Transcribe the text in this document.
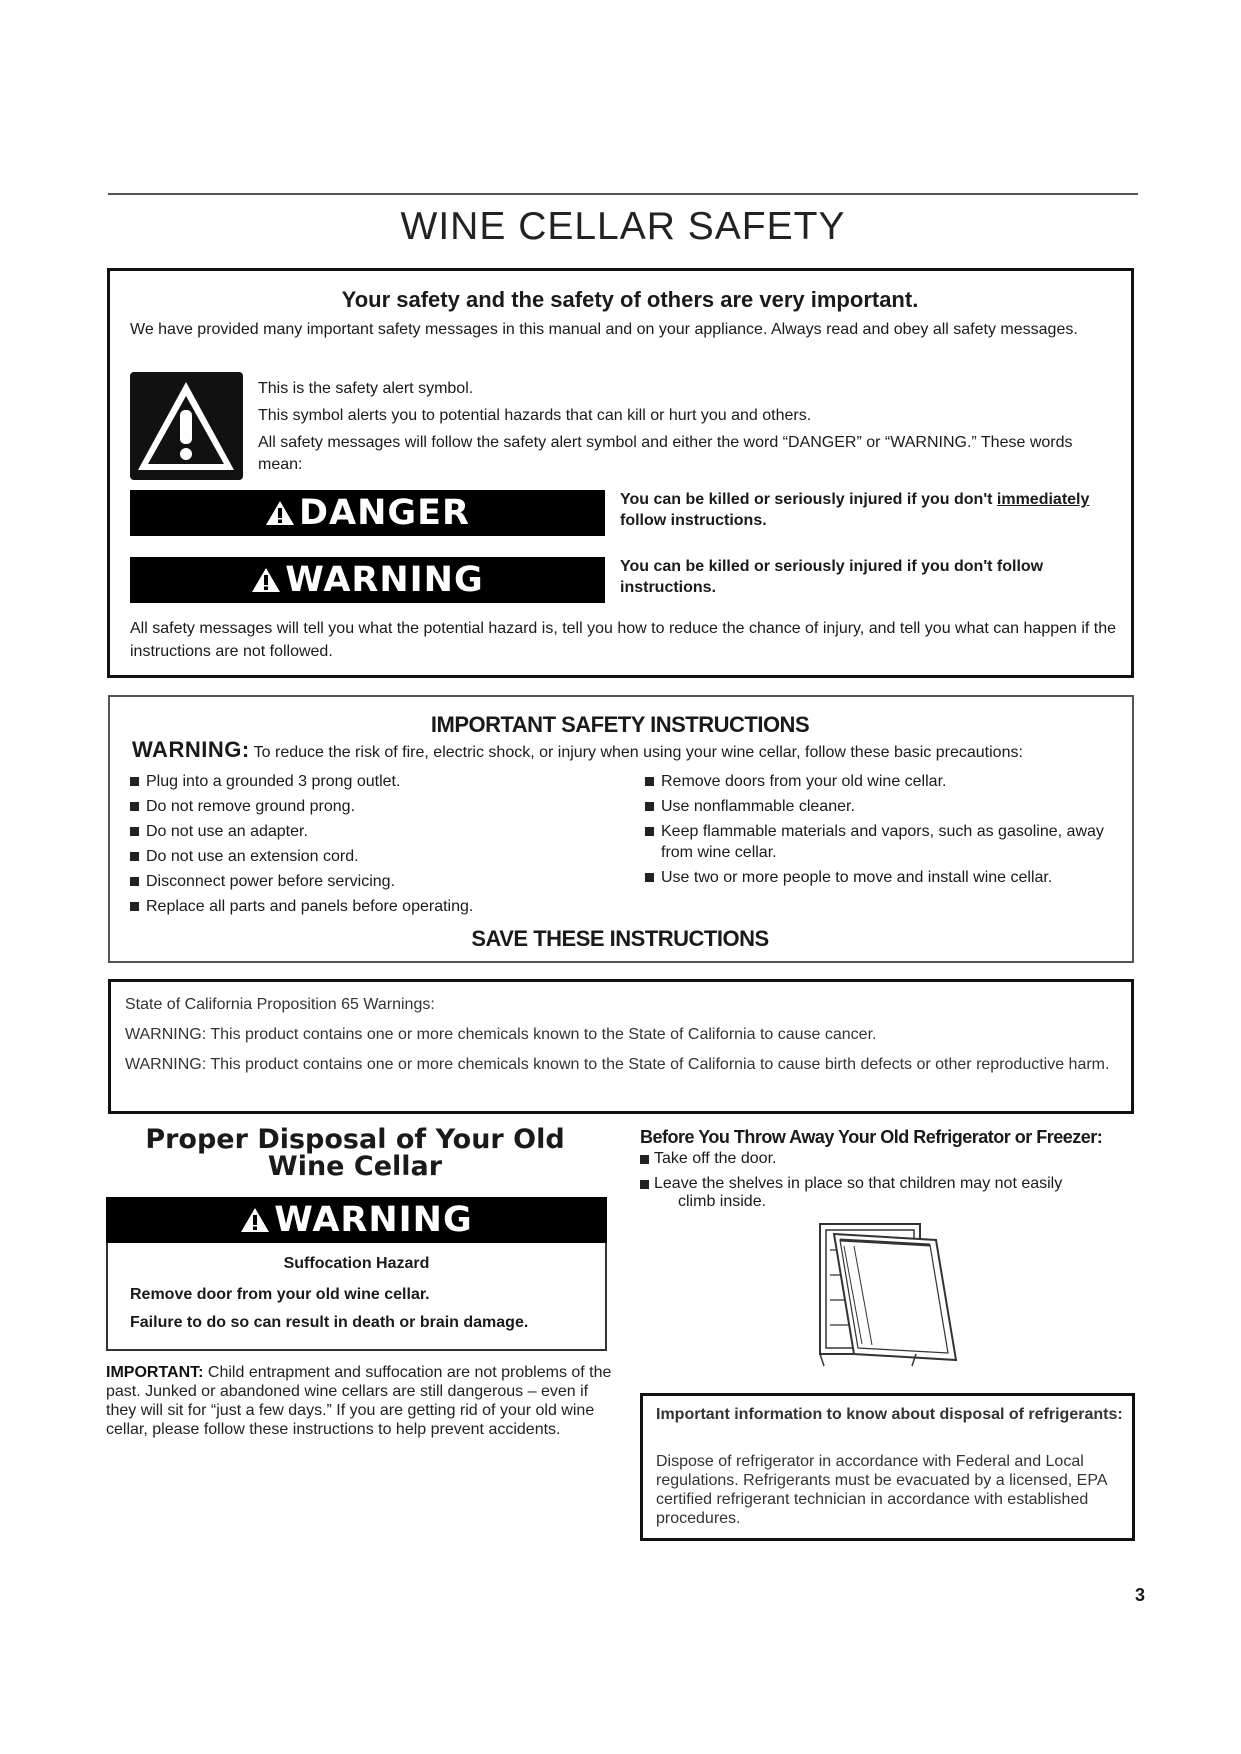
WINE CELLAR SAFETY
Your safety and the safety of others are very important.
We have provided many important safety messages in this manual and on your appliance. Always read and obey all safety messages.

This is the safety alert symbol.

This symbol alerts you to potential hazards that can kill or hurt you and others.

All safety messages will follow the safety alert symbol and either the word “DANGER” or “WARNING.” These words mean:

DANGER	You can be killed or seriously injured if you don't immediately follow instructions.
WARNING	You can be killed or seriously injured if you don't follow instructions.
All safety messages will tell you what the potential hazard is, tell you how to reduce the chance of injury, and tell you what can happen if the instructions are not followed.
IMPORTANT SAFETY INSTRUCTIONS
WARNING: To reduce the risk of fire, electric shock, or injury when using your wine cellar, follow these basic precautions:
Plug into a grounded 3 prong outlet.
Do not remove ground prong.
Do not use an adapter.
Do not use an extension cord.
Disconnect power before servicing.
Replace all parts and panels before operating.
Remove doors from your old wine cellar.
Use nonflammable cleaner.
Keep flammable materials and vapors, such as gasoline, away from wine cellar.
Use two or more people to move and install wine cellar.
SAVE THESE INSTRUCTIONS

State of California Proposition 65 Warnings:

WARNING: This product contains one or more chemicals known to the State of California to cause cancer.

WARNING: This product contains one or more chemicals known to the State of California to cause birth defects or other reproductive harm.

Proper Disposal of Your Old
Wine Cellar
WARNING
Suffocation Hazard
Remove door from your old wine cellar.
Failure to do so can result in death or brain damage.
IMPORTANT: Child entrapment and suffocation are not problems of the past. Junked or abandoned wine cellars are still dangerous – even if they will sit for “just a few days.” If you are getting rid of your old wine cellar, please follow these instructions to help prevent accidents.
Before You Throw Away Your Old Refrigerator or Freezer:
Take off the door.
Leave the shelves in place so that children may not easily
climb inside.
Important information to know about disposal of refrigerants:
Dispose of refrigerator in accordance with Federal and Local regulations. Refrigerants must be evacuated by a licensed, EPA certified refrigerant technician in accordance with established procedures.
3
